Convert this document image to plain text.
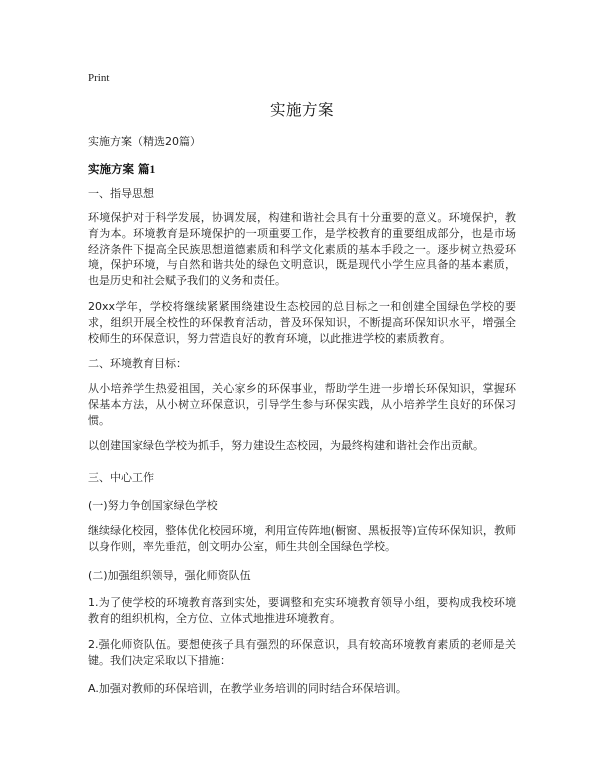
Print
实施方案
实施方案（精选20篇）
实施方案 篇1
一、指导思想
环境保护对于科学发展，协调发展，构建和谐社会具有十分重要的意义。环境保护，教育为本。环境教育是环境保护的一项重要工作，是学校教育的重要组成部分，也是市场经济条件下提高全民族思想道德素质和科学文化素质的基本手段之一。逐步树立热爱环境，保护环境，与自然和谐共处的绿色文明意识，既是现代小学生应具备的基本素质，也是历史和社会赋予我们的义务和责任。
20xx学年，学校将继续紧紧围绕建设生态校园的总目标之一和创建全国绿色学校的要求，组织开展全校性的环保教育活动，普及环保知识，不断提高环保知识水平，增强全校师生的环保意识，努力营造良好的教育环境，以此推进学校的素质教育。
二、环境教育目标：
从小培养学生热爱祖国，关心家乡的环保事业，帮助学生进一步增长环保知识，掌握环保基本方法，从小树立环保意识，引导学生参与环保实践，从小培养学生良好的环保习惯。
以创建国家绿色学校为抓手，努力建设生态校园，为最终构建和谐社会作出贡献。
三、中心工作
(一)努力争创国家绿色学校
继续绿化校园，整体优化校园环境，利用宣传阵地(橱窗、黑板报等)宣传环保知识，教师以身作则，率先垂范，创文明办公室，师生共创全国绿色学校。
(二)加强组织领导，强化师资队伍
1.为了使学校的环境教育落到实处，要调整和充实环境教育领导小组，要构成我校环境教育的组织机构，全方位、立体式地推进环境教育。
2.强化师资队伍。要想使孩子具有强烈的环保意识，具有较高环境教育素质的老师是关键。我们决定采取以下措施：
A.加强对教师的环保培训，在教学业务培训的同时结合环保培训。
